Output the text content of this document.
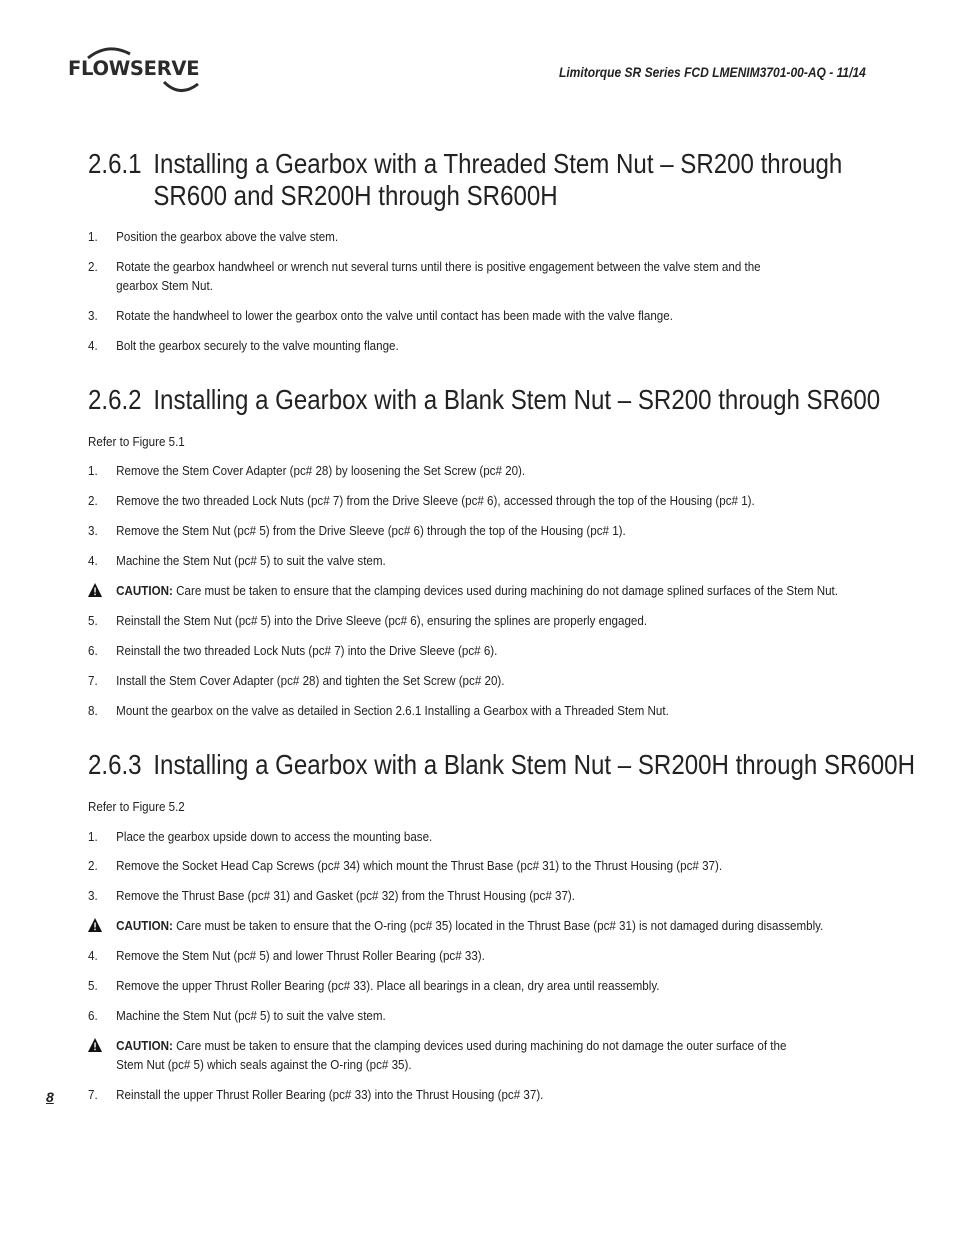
FLOWSERVE	Limitorque SR Series FCD LMENIM3701-00-AQ - 11/14
2.6.1 Installing a Gearbox with a Threaded Stem Nut – SR200 through
SR600 and SR200H through SR600H
1.	Position the gearbox above the valve stem.
2.	Rotate the gearbox handwheel or wrench nut several turns until there is positive engagement between the valve stem and the
gearbox Stem Nut.
3.	Rotate the handwheel to lower the gearbox onto the valve until contact has been made with the valve flange.
4.	Bolt the gearbox securely to the valve mounting flange.
2.6.2 Installing a Gearbox with a Blank Stem Nut – SR200 through SR600
Refer to Figure 5.1
1.	Remove the Stem Cover Adapter (pc# 28) by loosening the Set Screw (pc# 20).
2.	Remove the two threaded Lock Nuts (pc# 7) from the Drive Sleeve (pc# 6), accessed through the top of the Housing (pc# 1).
3.	Remove the Stem Nut (pc# 5) from the Drive Sleeve (pc# 6) through the top of the Housing (pc# 1).
4.	Machine the Stem Nut (pc# 5) to suit the valve stem.
CAUTION: Care must be taken to ensure that the clamping devices used during machining do not damage splined surfaces of the Stem Nut.
5.	Reinstall the Stem Nut (pc# 5) into the Drive Sleeve (pc# 6), ensuring the splines are properly engaged.
6.	Reinstall the two threaded Lock Nuts (pc# 7) into the Drive Sleeve (pc# 6).
7.	Install the Stem Cover Adapter (pc# 28) and tighten the Set Screw (pc# 20).
8.	Mount the gearbox on the valve as detailed in Section 2.6.1 Installing a Gearbox with a Threaded Stem Nut.
2.6.3 Installing a Gearbox with a Blank Stem Nut – SR200H through SR600H
Refer to Figure 5.2
1.	Place the gearbox upside down to access the mounting base.
2.	Remove the Socket Head Cap Screws (pc# 34) which mount the Thrust Base (pc# 31) to the Thrust Housing (pc# 37).
3.	Remove the Thrust Base (pc# 31) and Gasket (pc# 32) from the Thrust Housing (pc# 37).
CAUTION: Care must be taken to ensure that the O-ring (pc# 35) located in the Thrust Base (pc# 31) is not damaged during disassembly.
4.	Remove the Stem Nut (pc# 5) and lower Thrust Roller Bearing (pc# 33).
5.	Remove the upper Thrust Roller Bearing (pc# 33). Place all bearings in a clean, dry area until reassembly.
6.	Machine the Stem Nut (pc# 5) to suit the valve stem.
CAUTION: Care must be taken to ensure that the clamping devices used during machining do not damage the outer surface of the
Stem Nut (pc# 5) which seals against the O-ring (pc# 35).
7.	Reinstall the upper Thrust Roller Bearing (pc# 33) into the Thrust Housing (pc# 37).
8
